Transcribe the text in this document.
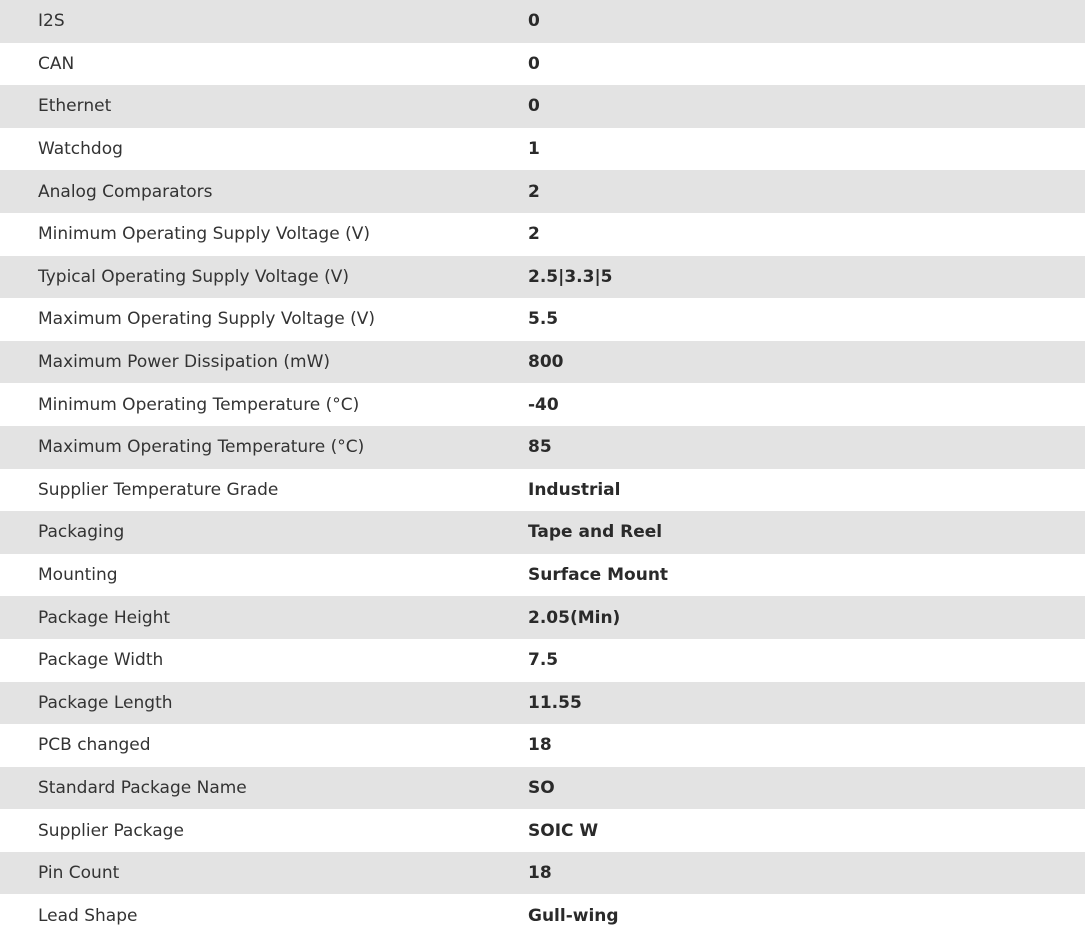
I2S	0
CAN	0
Ethernet	0
Watchdog	1
Analog Comparators	2
Minimum Operating Supply Voltage (V)	2
Typical Operating Supply Voltage (V)	2.5|3.3|5
Maximum Operating Supply Voltage (V)	5.5
Maximum Power Dissipation (mW)	800
Minimum Operating Temperature (°C)	-40
Maximum Operating Temperature (°C)	85
Supplier Temperature Grade	Industrial
Packaging	Tape and Reel
Mounting	Surface Mount
Package Height	2.05(Min)
Package Width	7.5
Package Length	11.55
PCB changed	18
Standard Package Name	SO
Supplier Package	SOIC W
Pin Count	18
Lead Shape	Gull-wing
